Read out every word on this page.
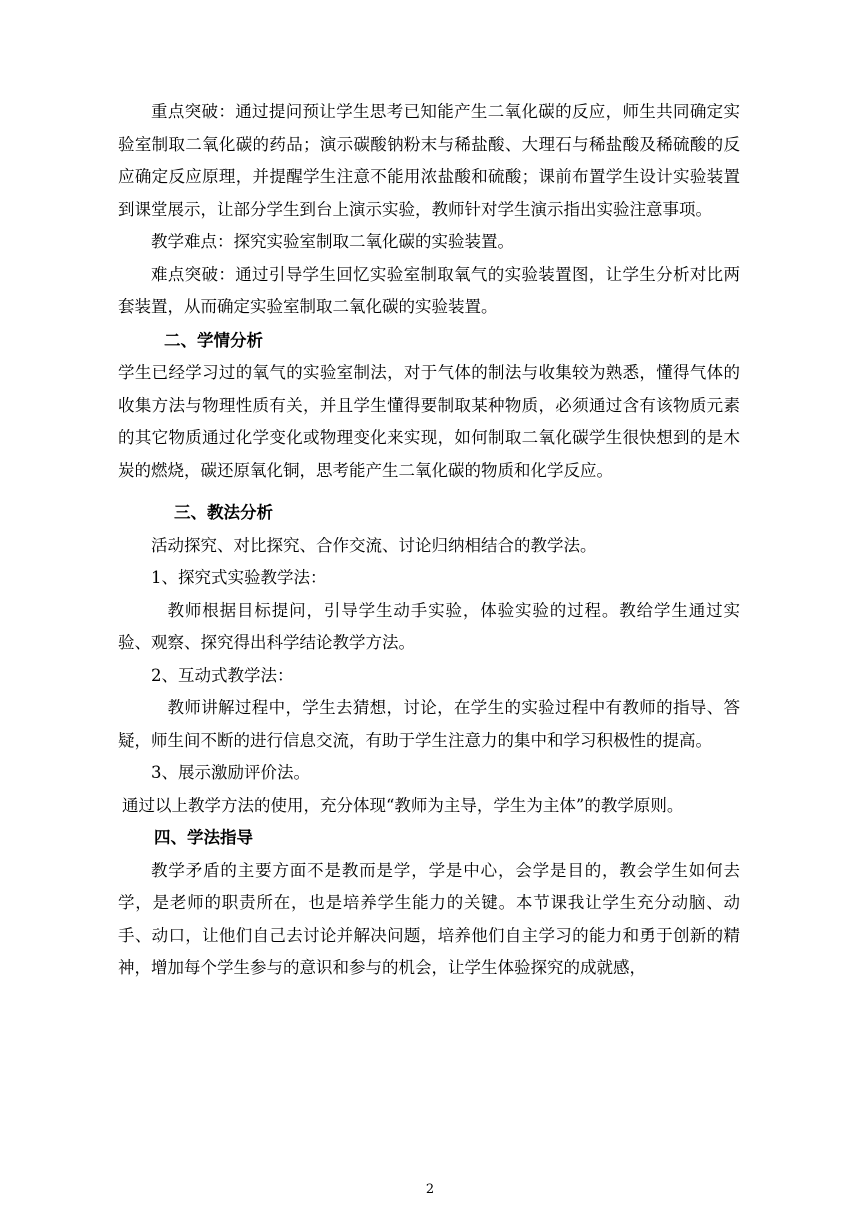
重点突破：通过提问预让学生思考已知能产生二氧化碳的反应，师生共同确定实验室制取二氧化碳的药品；演示碳酸钠粉末与稀盐酸、大理石与稀盐酸及稀硫酸的反应确定反应原理，并提醒学生注意不能用浓盐酸和硫酸；课前布置学生设计实验装置到课堂展示，让部分学生到台上演示实验，教师针对学生演示指出实验注意事项。

教学难点：探究实验室制取二氧化碳的实验装置。

难点突破：通过引导学生回忆实验室制取氧气的实验装置图，让学生分析对比两套装置，从而确定实验室制取二氧化碳的实验装置。

二、学情分析

学生已经学习过的氧气的实验室制法，对于气体的制法与收集较为熟悉，懂得气体的收集方法与物理性质有关，并且学生懂得要制取某种物质，必须通过含有该物质元素的其它物质通过化学变化或物理变化来实现，如何制取二氧化碳学生很快想到的是木炭的燃烧，碳还原氧化铜，思考能产生二氧化碳的物质和化学反应。

三、教法分析

活动探究、对比探究、合作交流、讨论归纳相结合的教学法。

1、探究式实验教学法：

教师根据目标提问，引导学生动手实验，体验实验的过程。教给学生通过实验、观察、探究得出科学结论教学方法。

2、互动式教学法：

教师讲解过程中，学生去猜想，讨论，在学生的实验过程中有教师的指导、答疑，师生间不断的进行信息交流，有助于学生注意力的集中和学习积极性的提高。

3、展示激励评价法。

通过以上教学方法的使用，充分体现“教师为主导，学生为主体”的教学原则。

四、学法指导

教学矛盾的主要方面不是教而是学，学是中心，会学是目的，教会学生如何去学，是老师的职责所在，也是培养学生能力的关键。本节课我让学生充分动脑、动手、动口，让他们自己去讨论并解决问题，培养他们自主学习的能力和勇于创新的精神，增加每个学生参与的意识和参与的机会，让学生体验探究的成就感，

2
